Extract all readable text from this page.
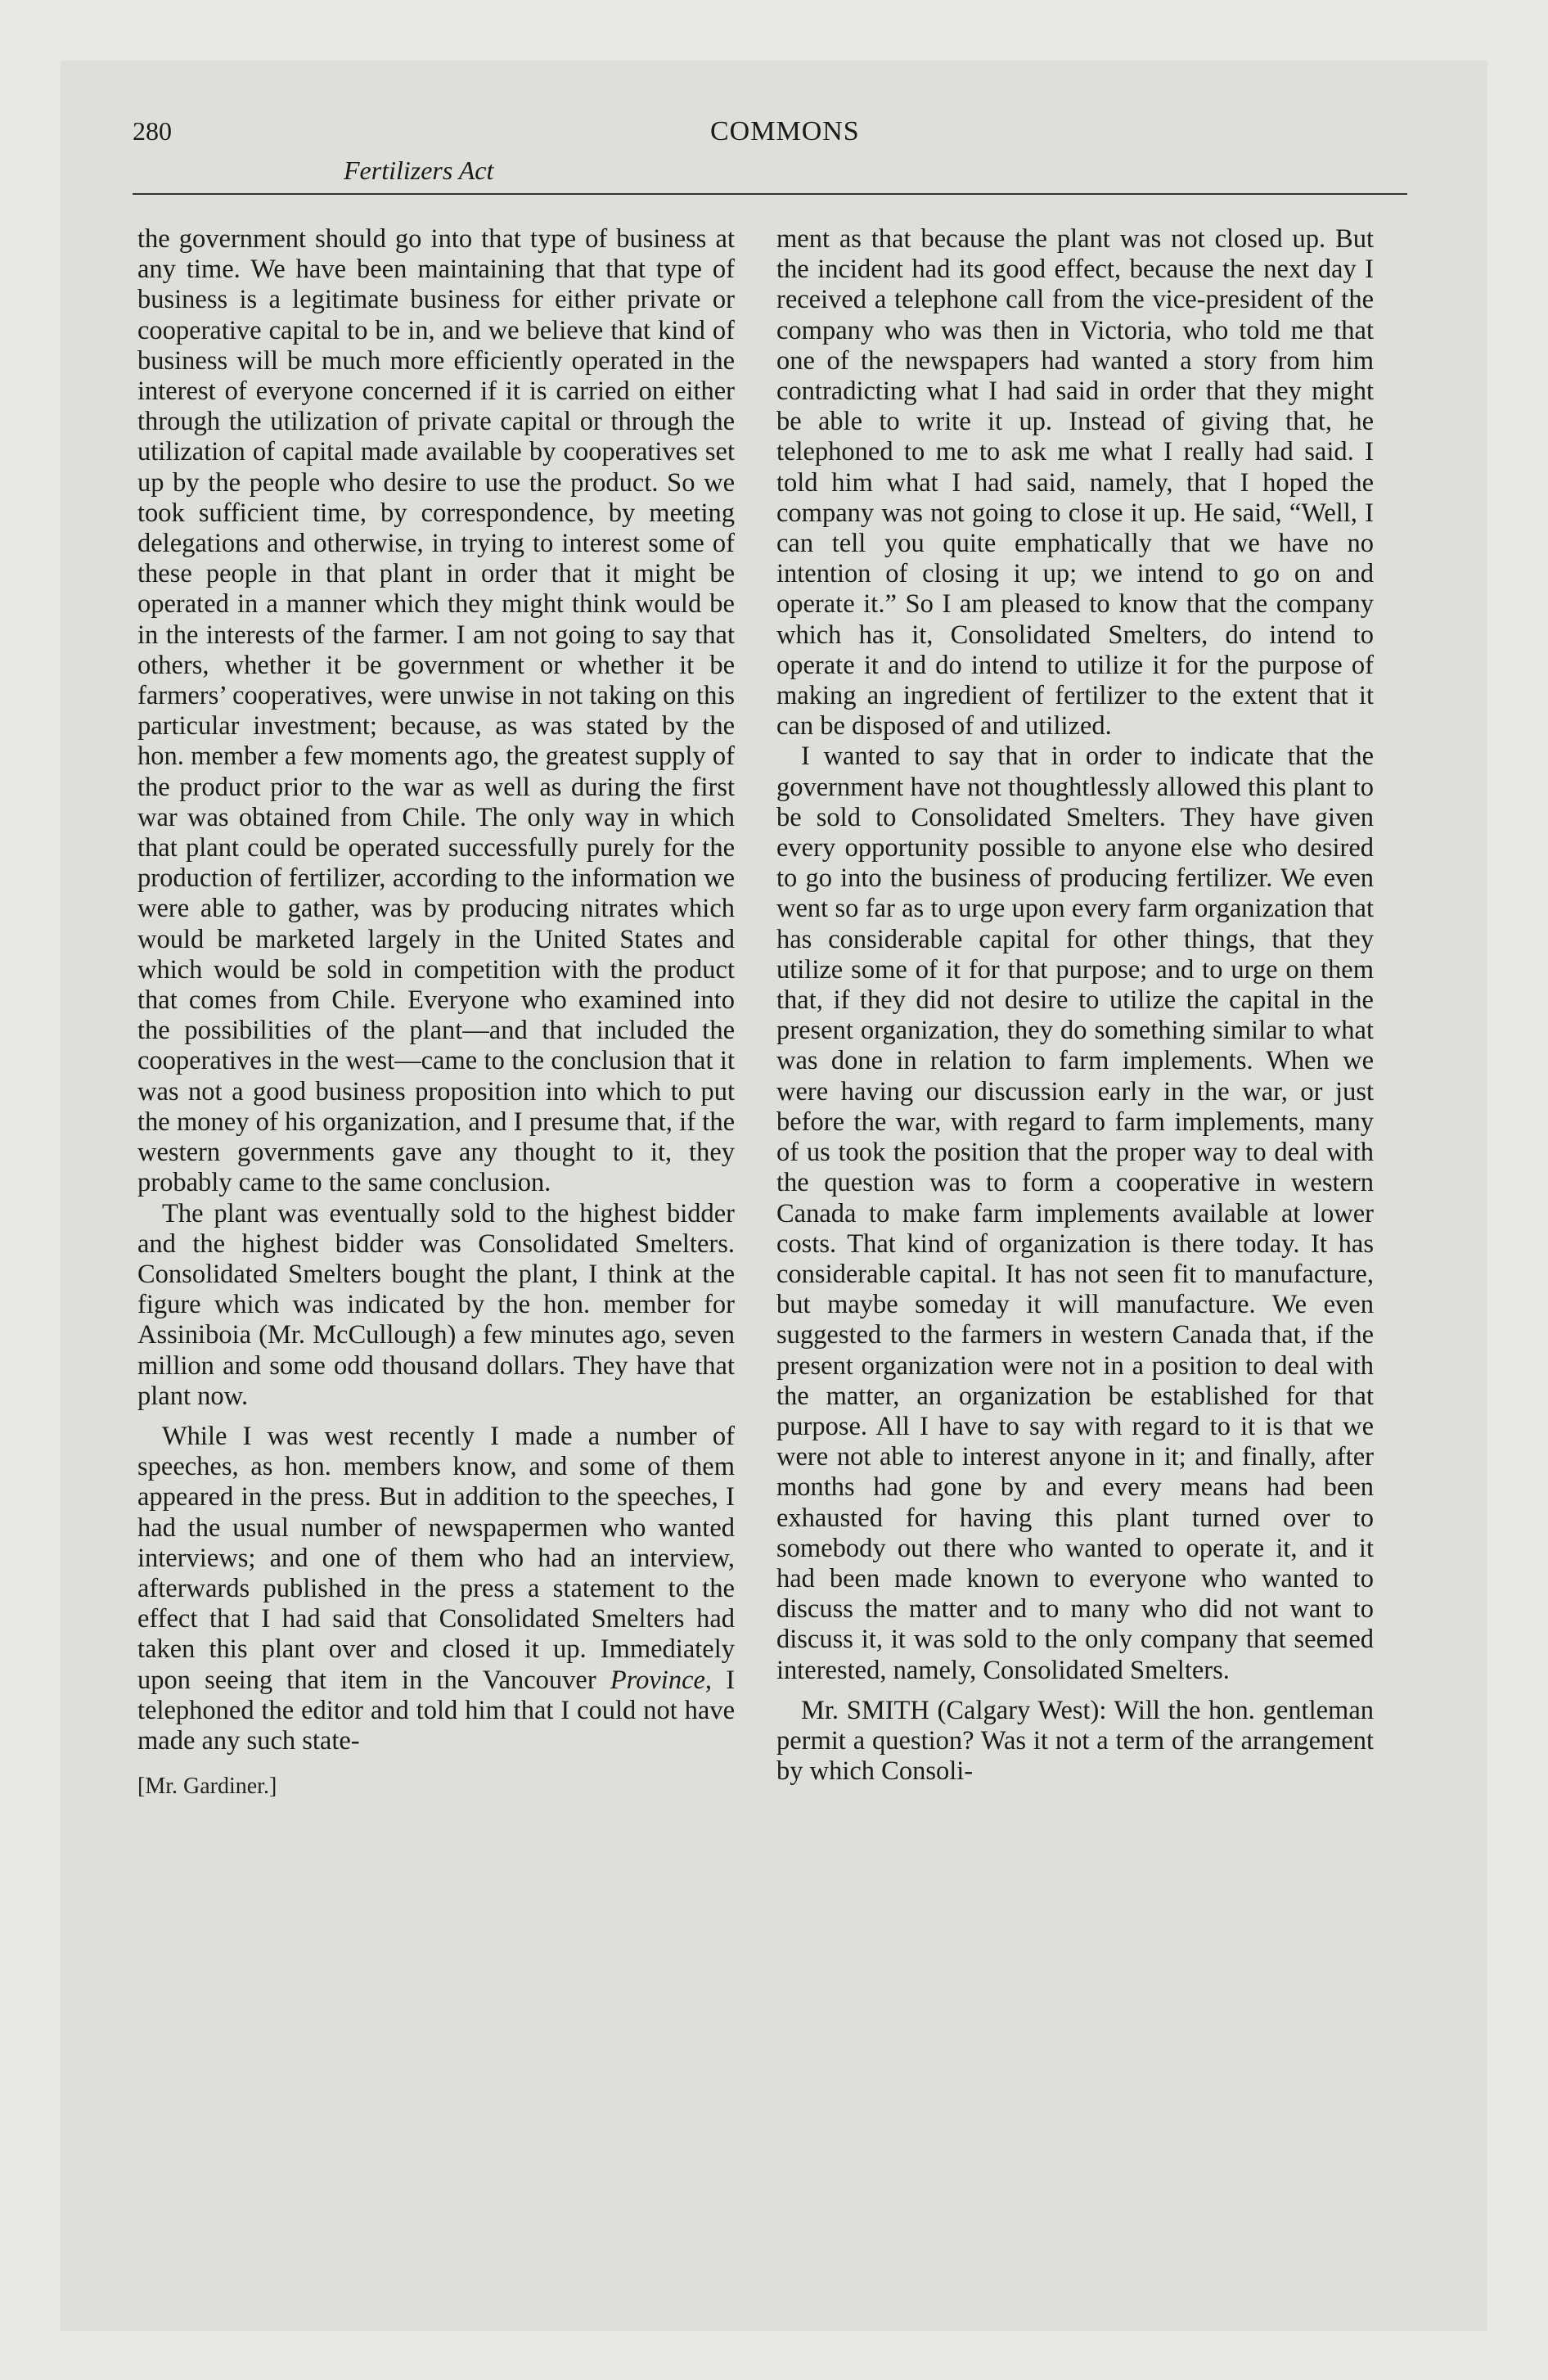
280	COMMONS
Fertilizers Act

the government should go into that type of business at any time. We have been maintaining that that type of business is a legitimate business for either private or cooperative capital to be in, and we believe that kind of business will be much more efficiently operated in the interest of everyone concerned if it is carried on either through the utilization of private capital or through the utilization of capital made available by cooperatives set up by the people who desire to use the product. So we took sufficient time, by correspondence, by meeting delegations and otherwise, in trying to interest some of these people in that plant in order that it might be operated in a manner which they might think would be in the interests of the farmer. I am not going to say that others, whether it be government or whether it be farmers’ cooperatives, were unwise in not taking on this particular investment; because, as was stated by the hon. member a few moments ago, the greatest supply of the product prior to the war as well as during the first war was obtained from Chile. The only way in which that plant could be operated successfully purely for the production of fertilizer, according to the information we were able to gather, was by producing nitrates which would be marketed largely in the United States and which would be sold in competition with the product that comes from Chile. Everyone who examined into the possibilities of the plant—and that included the cooperatives in the west—came to the conclusion that it was not a good business proposition into which to put the money of his organization, and I presume that, if the western governments gave any thought to it, they probably came to the same conclusion.

The plant was eventually sold to the highest bidder and the highest bidder was Consolidated Smelters. Consolidated Smelters bought the plant, I think at the figure which was indicated by the hon. member for Assiniboia (Mr. McCullough) a few minutes ago, seven million and some odd thousand dollars. They have that plant now.

While I was west recently I made a number of speeches, as hon. members know, and some of them appeared in the press. But in addition to the speeches, I had the usual number of newspapermen who wanted interviews; and one of them who had an interview, afterwards published in the press a statement to the effect that I had said that Consolidated Smelters had taken this plant over and closed it up. Immediately upon seeing that item in the Vancouver Province, I telephoned the editor and told him that I could not have made any such state-

[Mr. Gardiner.]

ment as that because the plant was not closed up. But the incident had its good effect, because the next day I received a telephone call from the vice-president of the company who was then in Victoria, who told me that one of the newspapers had wanted a story from him contradicting what I had said in order that they might be able to write it up. Instead of giving that, he telephoned to me to ask me what I really had said. I told him what I had said, namely, that I hoped the company was not going to close it up. He said, “Well, I can tell you quite emphatically that we have no intention of closing it up; we intend to go on and operate it.” So I am pleased to know that the company which has it, Consolidated Smelters, do intend to operate it and do intend to utilize it for the purpose of making an ingredient of fertilizer to the extent that it can be disposed of and utilized.

I wanted to say that in order to indicate that the government have not thoughtlessly allowed this plant to be sold to Consolidated Smelters. They have given every opportunity possible to anyone else who desired to go into the business of producing fertilizer. We even went so far as to urge upon every farm organization that has considerable capital for other things, that they utilize some of it for that purpose; and to urge on them that, if they did not desire to utilize the capital in the present organization, they do something similar to what was done in relation to farm implements. When we were having our discussion early in the war, or just before the war, with regard to farm implements, many of us took the position that the proper way to deal with the question was to form a cooperative in western Canada to make farm implements available at lower costs. That kind of organization is there today. It has considerable capital. It has not seen fit to manufacture, but maybe someday it will manufacture. We even suggested to the farmers in western Canada that, if the present organization were not in a position to deal with the matter, an organization be established for that purpose. All I have to say with regard to it is that we were not able to interest anyone in it; and finally, after months had gone by and every means had been exhausted for having this plant turned over to somebody out there who wanted to operate it, and it had been made known to everyone who wanted to discuss the matter and to many who did not want to discuss it, it was sold to the only company that seemed interested, namely, Consolidated Smelters.

Mr. SMITH (Calgary West): Will the hon. gentleman permit a question? Was it not a term of the arrangement by which Consoli-
